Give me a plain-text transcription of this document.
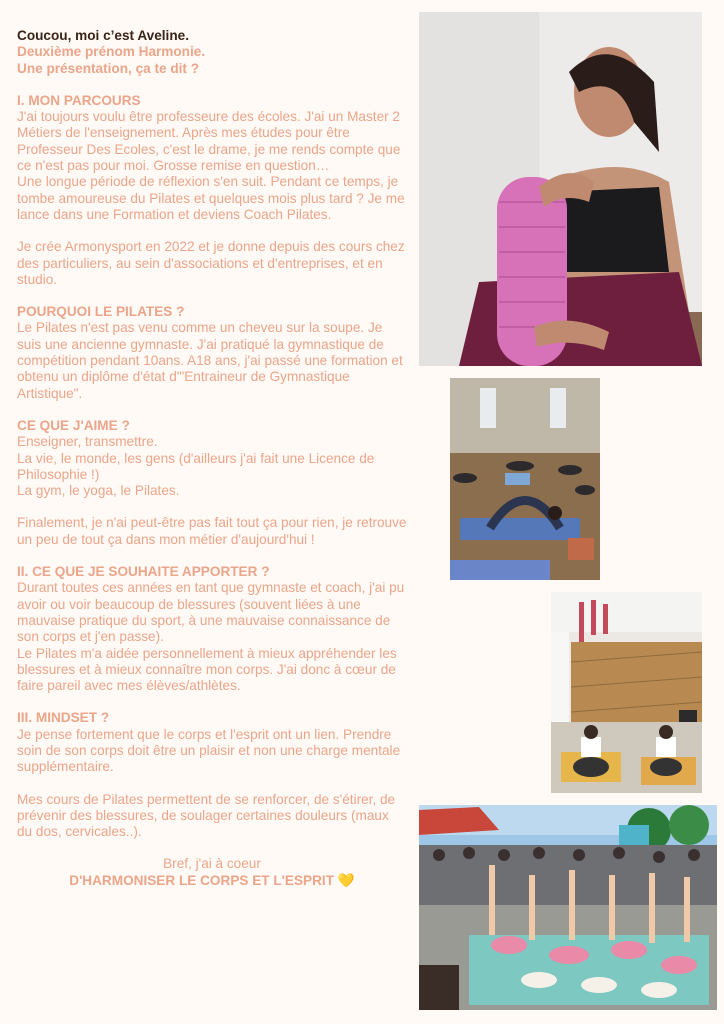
Coucou, moi c’est Aveline.

Deuxième prénom Harmonie.

Une présentation, ça te dit ?

I. MON PARCOURS

J'ai toujours voulu être professeure des écoles. J'ai un Master 2 Métiers de l'enseignement. Après mes études pour être Professeur Des Ecoles, c'est le drame, je me rends compte que ce n'est pas pour moi. Grosse remise en question…

Une longue période de réflexion s'en suit. Pendant ce temps, je tombe amoureuse du Pilates et quelques mois plus tard ? Je me lance dans une Formation et deviens Coach Pilates.

Je crée Armonysport en 2022 et je donne depuis des cours chez des particuliers, au sein d'associations et d'entreprises, et en studio.

POURQUOI LE PILATES ?

Le Pilates n'est pas venu comme un cheveu sur la soupe. Je suis une ancienne gymnaste. J'ai pratiqué la gymnastique de compétition pendant 10ans. A18 ans, j'ai passé une formation et obtenu un diplôme d'état d'"Entraineur de Gymnastique Artistique".

CE QUE J'AIME ?

Enseigner, transmettre.

La vie, le monde, les gens (d'ailleurs j'ai fait une Licence de Philosophie !)

La gym, le yoga, le Pilates.

Finalement, je n'ai peut-être pas fait tout ça pour rien, je retrouve un peu de tout ça dans mon métier d'aujourd'hui !

II. CE QUE JE SOUHAITE APPORTER ?

Durant toutes ces années en tant que gymnaste et coach, j'ai pu avoir ou voir beaucoup de blessures (souvent liées à une mauvaise pratique du sport, à une mauvaise connaissance de son corps et j'en passe).

Le Pilates m'a aidée personnellement à mieux appréhender les blessures et à mieux connaître mon corps. J'ai donc à cœur de faire pareil avec mes élèves/athlètes.

III. MINDSET ?

Je pense fortement que le corps et l'esprit ont un lien. Prendre soin de son corps doit être un plaisir et non une charge mentale supplémentaire.

Mes cours de Pilates permettent de se renforcer, de s'étirer, de prévenir des blessures, de soulager certaines douleurs (maux du dos, cervicales..).

Bref, j'ai à coeur

D'HARMONISER LE CORPS ET L'ESPRIT 💛
